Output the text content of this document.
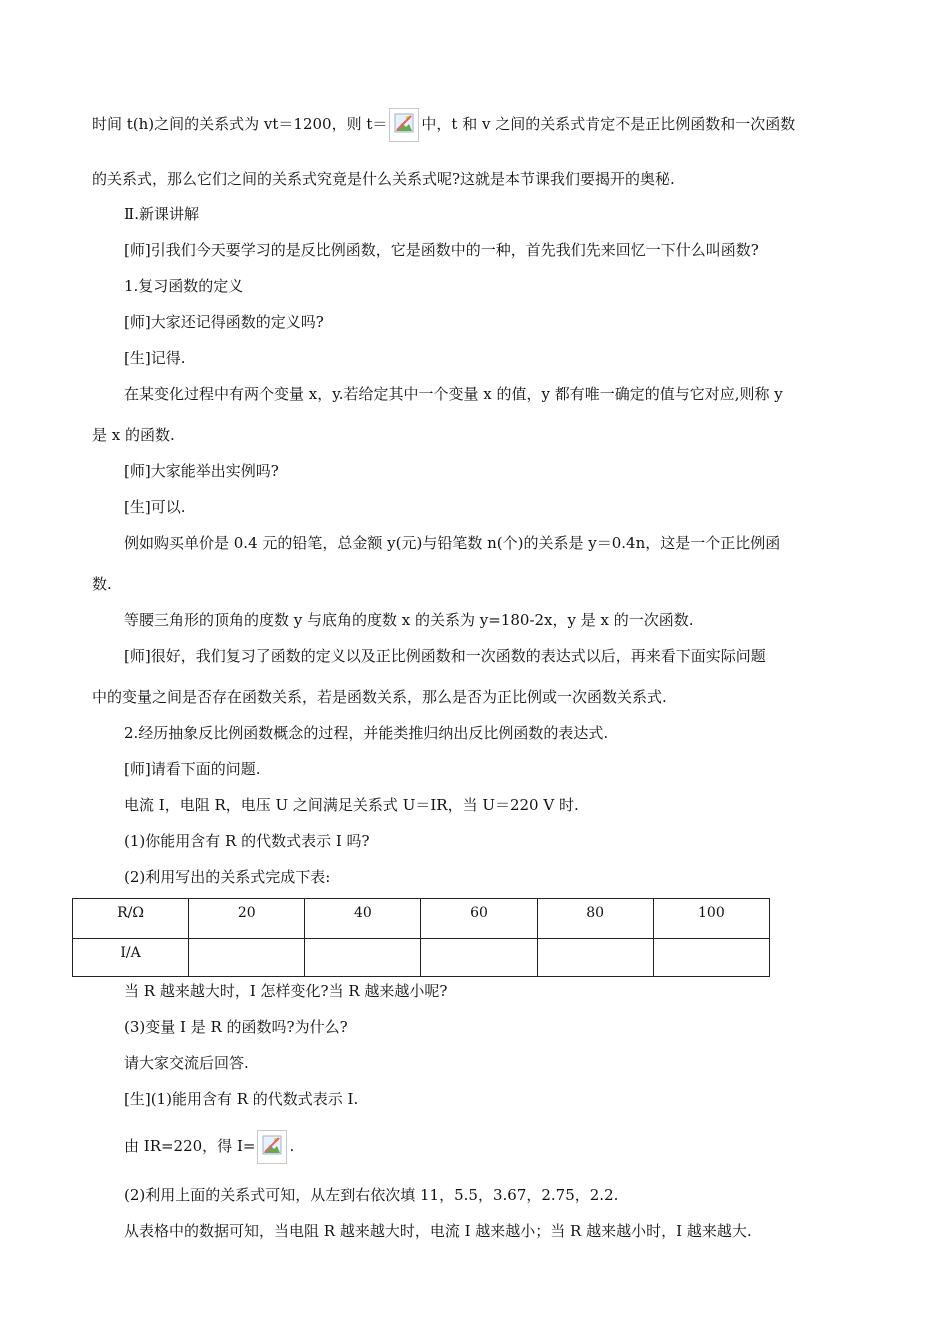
时间 t(h)之间的关系式为 vt＝1200，则 t＝ 中，t 和 v 之间的关系式肯定不是正比例函数和一次函数
的关系式，那么它们之间的关系式究竟是什么关系式呢?这就是本节课我们要揭开的奥秘.
Ⅱ.新课讲解
[师]引我们今天要学习的是反比例函数，它是函数中的一种，首先我们先来回忆一下什么叫函数?
1.复习函数的定义
[师]大家还记得函数的定义吗?
[生]记得.
在某变化过程中有两个变量 x，y.若给定其中一个变量 x 的值，y 都有唯一确定的值与它对应,则称 y
是 x 的函数.
[师]大家能举出实例吗?
[生]可以.
例如购买单价是 0.4 元的铅笔，总金额 y(元)与铅笔数 n(个)的关系是 y＝0.4n，这是一个正比例函
数.
等腰三角形的顶角的度数 y 与底角的度数 x 的关系为 y=180-2x，y 是 x 的一次函数.
[师]很好，我们复习了函数的定义以及正比例函数和一次函数的表达式以后，再来看下面实际问题
中的变量之间是否存在函数关系，若是函数关系，那么是否为正比例或一次函数关系式.
2.经历抽象反比例函数概念的过程，并能类推归纳出反比例函数的表达式.
[师]请看下面的问题.
电流 I，电阻 R，电压 U 之间满足关系式 U＝IR，当 U＝220 V 时.
(1)你能用含有 R 的代数式表示 I 吗?
(2)利用写出的关系式完成下表:
R/Ω	20	40	60	80	100
I/A					
当 R 越来越大时，I 怎样变化?当 R 越来越小呢?
(3)变量 I 是 R 的函数吗?为什么?
请大家交流后回答.
[生](1)能用含有 R 的代数式表示 I.
由 IR=220，得 I= .
(2)利用上面的关系式可知，从左到右依次填 11，5.5，3.67，2.75，2.2.
从表格中的数据可知，当电阻 R 越来越大时，电流 I 越来越小；当 R 越来越小时，I 越来越大.
